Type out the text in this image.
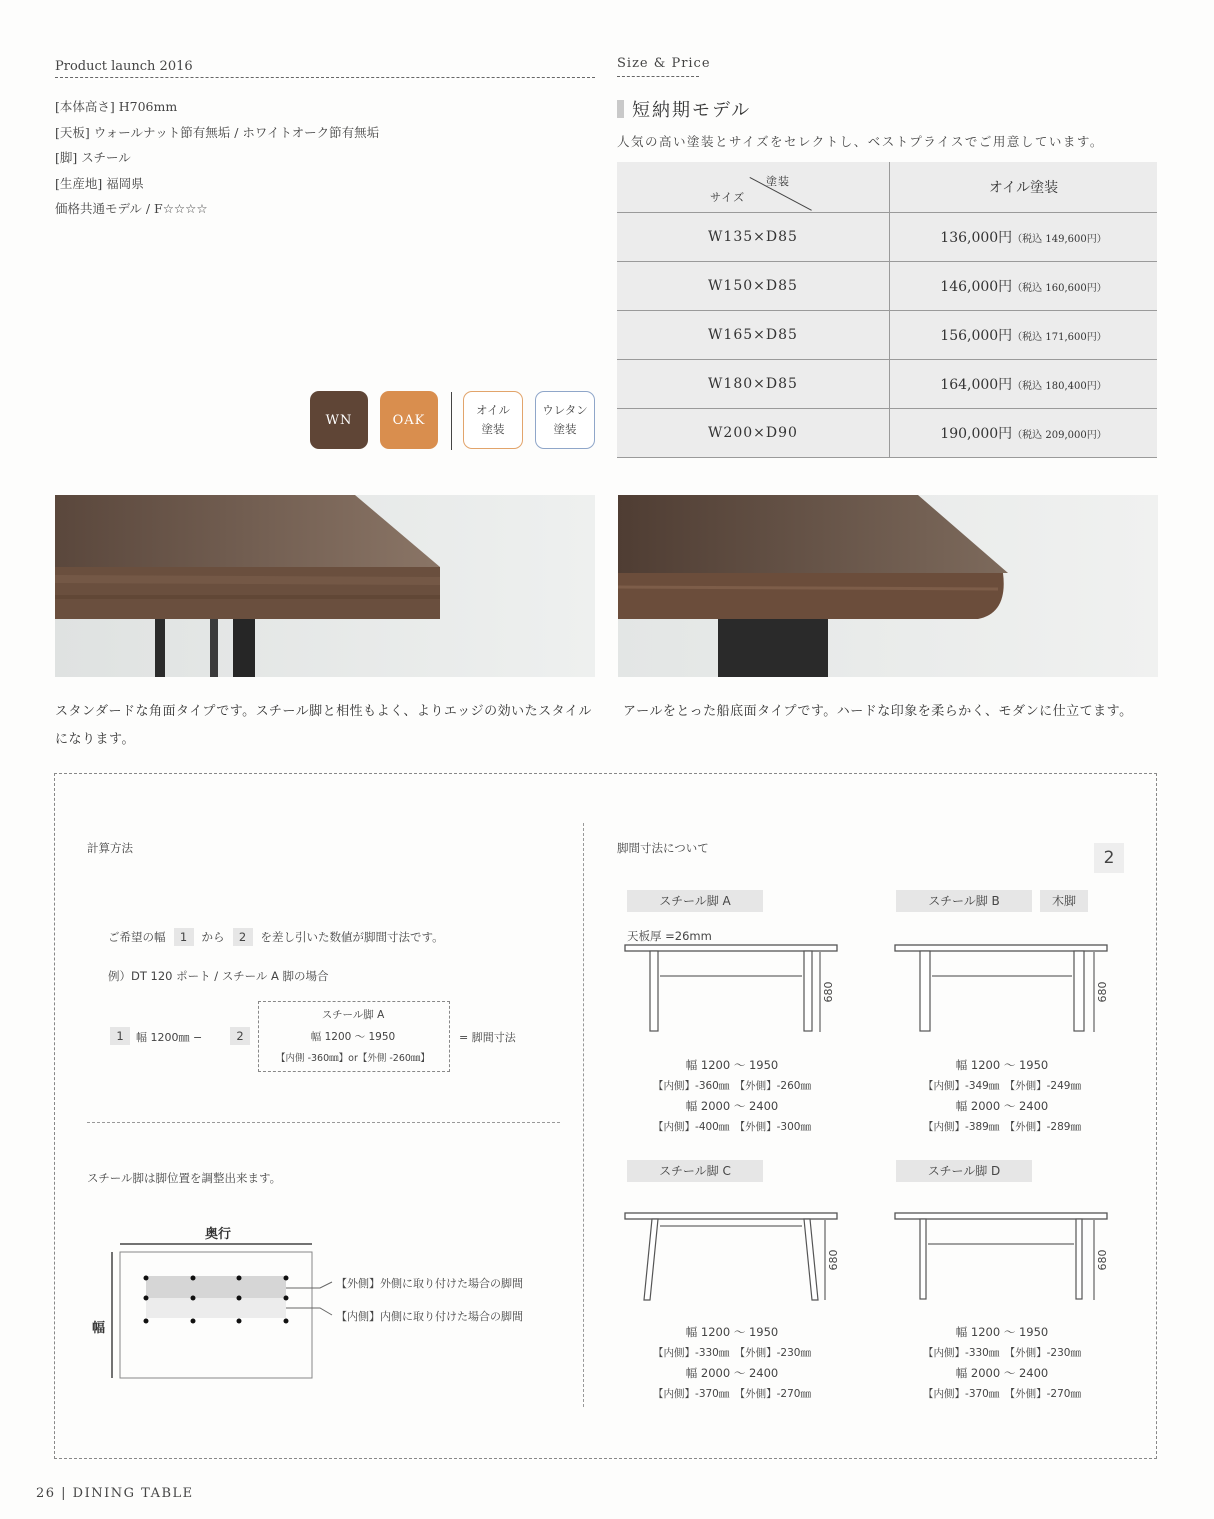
Product launch 2016
[本体高さ] H706mm
[天板] ウォールナット節有無垢 / ホワイトオーク節有無垢
[脚] スチール
[生産地] 福岡県
価格共通モデル / F☆☆☆☆
Size & Price
短納期モデル
人気の高い塗装とサイズをセレクトし、ベストプライスでご用意しています。
塗装
サイズ	オイル塗装
W135×D85	136,000円（税込 149,600円）
W150×D85	146,000円（税込 160,600円）
W165×D85	156,000円（税込 171,600円）
W180×D85	164,000円（税込 180,400円）
W200×D90	190,000円（税込 209,000円）
WN	OAK
オイル
塗装
ウレタン
塗装
スタンダードな角面タイプです。スチール脚と相性もよく、よりエッジの効いたスタイルになります。
アールをとった船底面タイプです。ハードな印象を柔らかく、モダンに仕立てます。
計算方法
ご希望の幅	1	から	2	を差し引いた数値が脚間寸法です。
例）DT 120 ポート / スチール A 脚の場合
1	幅 1200㎜ −	2
スチール脚 A
幅 1200 〜 1950
【内側 -360㎜】or【外側 -260㎜】
= 脚間寸法
スチール脚は脚位置を調整出来ます。
奥行
幅
【外側】外側に取り付けた場合の脚間
【内側】内側に取り付けた場合の脚間
脚間寸法について	2
スチール脚 A	スチール脚 B	木脚
スチール脚 C	スチール脚 D
天板厚 =26mm
680	680
680	680
幅 1200 〜 1950
【内側】-360㎜　【外側】-260㎜
幅 2000 〜 2400
【内側】-400㎜　【外側】-300㎜
幅 1200 〜 1950
【内側】-349㎜　【外側】-249㎜
幅 2000 〜 2400
【内側】-389㎜　【外側】-289㎜
幅 1200 〜 1950
【内側】-330㎜　【外側】-230㎜
幅 2000 〜 2400
【内側】-370㎜　【外側】-270㎜
幅 1200 〜 1950
【内側】-330㎜　【外側】-230㎜
幅 2000 〜 2400
【内側】-370㎜　【外側】-270㎜
26 | DINING TABLE
